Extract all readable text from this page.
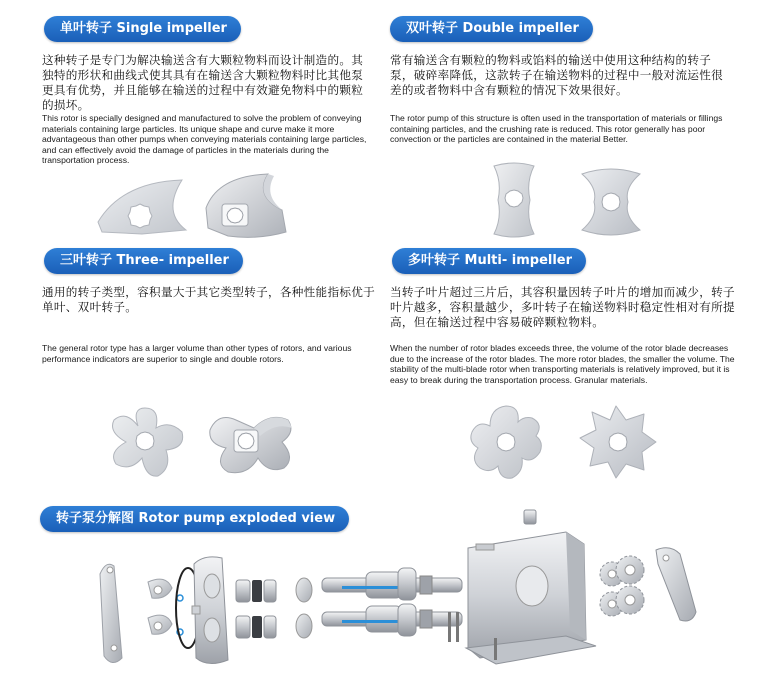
单叶转子 Single impeller
这种转子是专门为解决输送含有大颗粒物料而设计制造的。其独特的形状和曲线式使其具有在输送含大颗粒物料时比其他泵更具有优势，并且能够在输送的过程中有效避免物料中的颗粒的损坏。
This rotor is specially designed and manufactured to solve the problem of conveying materials containing large particles. Its unique shape and curve make it more advantageous than other pumps when conveying materials containing large particles, and can effectively avoid the damage of particles in the materials during the transportation process.
双叶转子 Double impeller
常有输送含有颗粒的物料或馅料的输送中使用这种结构的转子泵，破碎率降低，这款转子在输送物料的过程中一般对流运性很差的或者物料中含有颗粒的情况下效果很好。
The rotor pump of this structure is often used in the transportation of materials or fillings containing particles, and the crushing rate is reduced. This rotor generally has poor convection or the particles are contained in the material Better.
三叶转子 Three- impeller
通用的转子类型，容积量大于其它类型转子，各种性能指标优于单叶、双叶转子。
The general rotor type has a larger volume than other types of rotors, and various performance indicators are superior to single and double rotors.
多叶转子 Multi- impeller
当转子叶片超过三片后，其容积量因转子叶片的增加而减少，转子叶片越多，容积量越少，多叶转子在输送物料时稳定性相对有所提高，但在输送过程中容易破碎颗粒物料。
When the number of rotor blades exceeds three, the volume of the rotor blade decreases due to the increase of the rotor blades. The more rotor blades, the smaller the volume. The stability of the multi-blade rotor when transporting materials is relatively improved, but it is easy to break during the transportation process. Granular materials.
转子泵分解图 Rotor pump exploded view
